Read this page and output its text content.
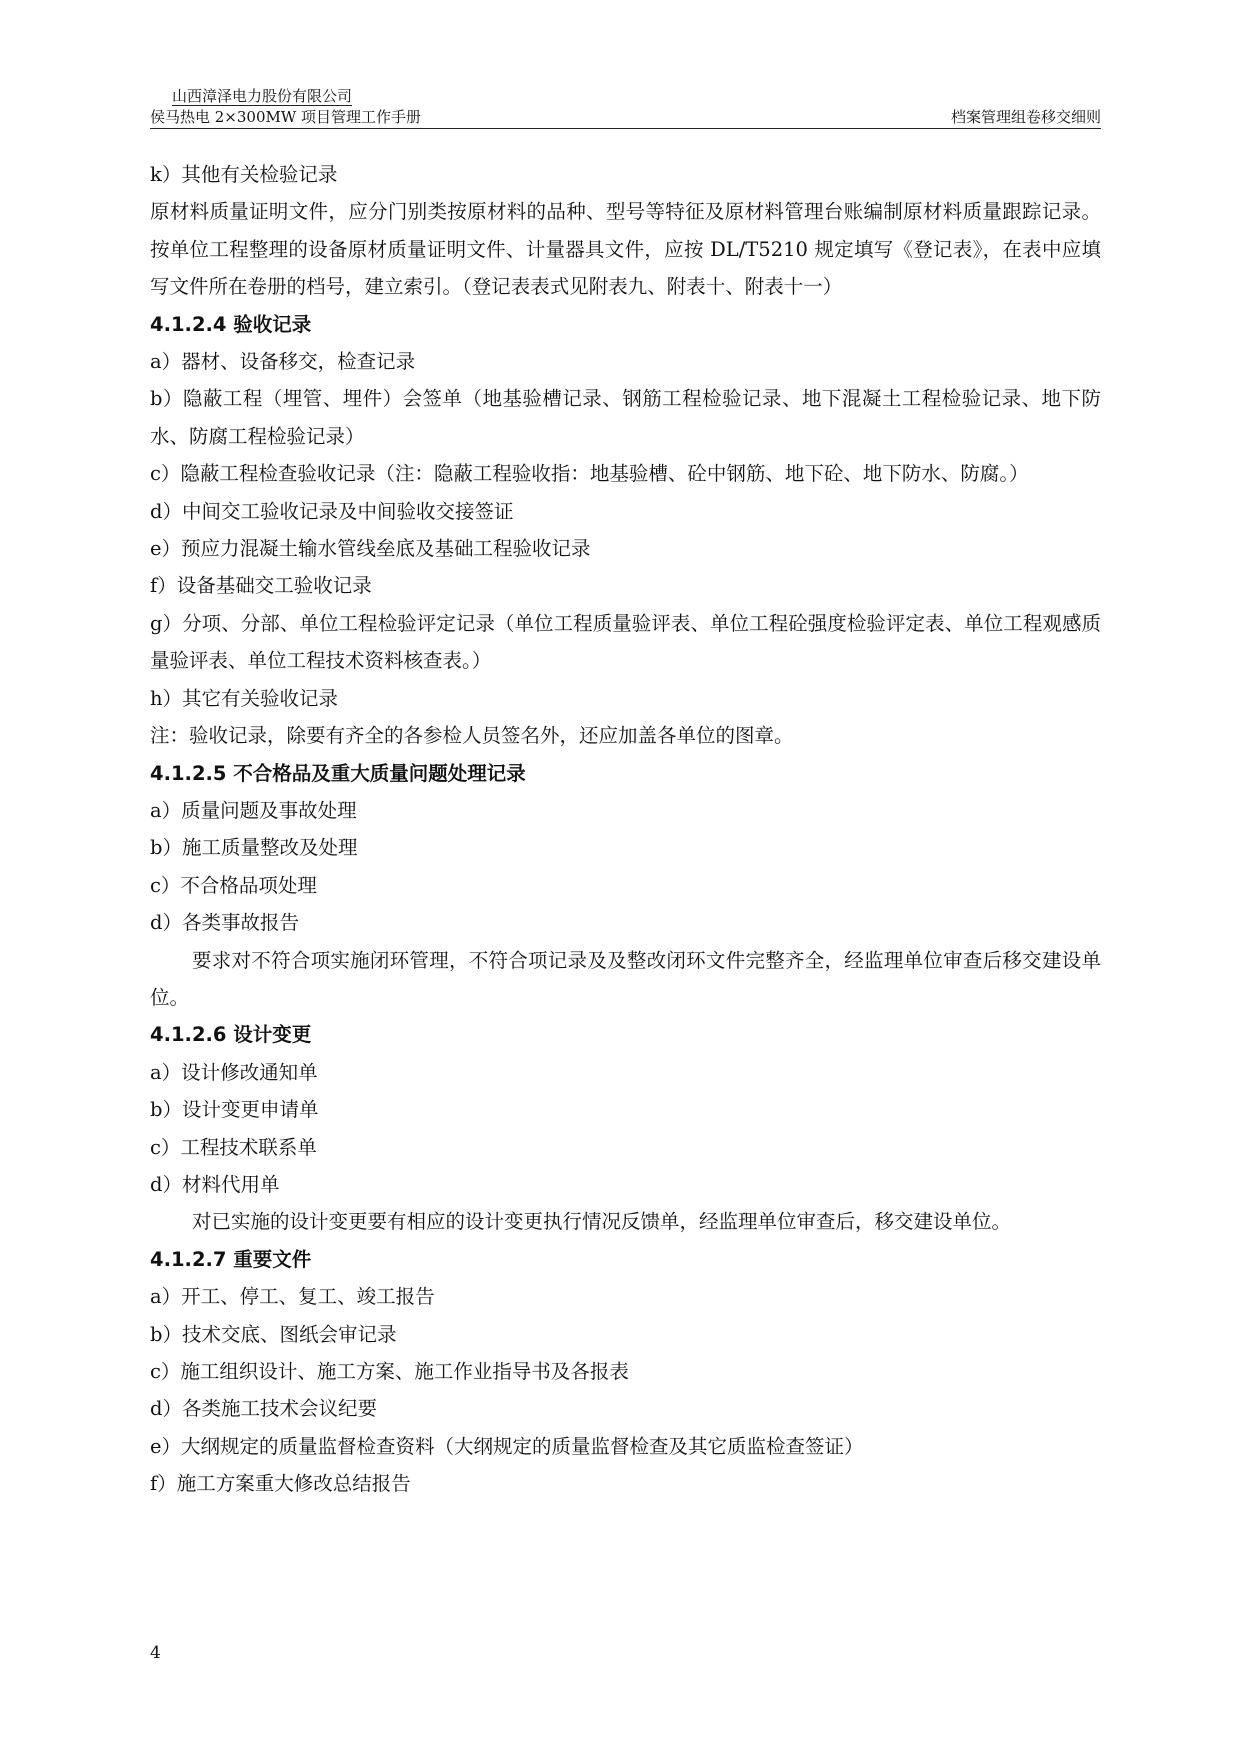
山西漳泽电力股份有限公司
侯马热电 2×300MW 项目管理工作手册	档案管理组卷移交细则
k）其他有关检验记录
原材料质量证明文件，应分门别类按原材料的品种、型号等特征及原材料管理台账编制原材料质量跟踪记录。按单位工程整理的设备原材质量证明文件、计量器具文件，应按 DL/T5210 规定填写《登记表》，在表中应填写文件所在卷册的档号，建立索引。（登记表表式见附表九、附表十、附表十一）
4.1.2.4 验收记录
a）器材、设备移交，检查记录
b）隐蔽工程（埋管、埋件）会签单（地基验槽记录、钢筋工程检验记录、地下混凝土工程检验记录、地下防水、防腐工程检验记录）
c）隐蔽工程检查验收记录（注：隐蔽工程验收指：地基验槽、砼中钢筋、地下砼、地下防水、防腐。）
d）中间交工验收记录及中间验收交接签证
e）预应力混凝土输水管线垒底及基础工程验收记录
f）设备基础交工验收记录
g）分项、分部、单位工程检验评定记录（单位工程质量验评表、单位工程砼强度检验评定表、单位工程观感质量验评表、单位工程技术资料核查表。）
h）其它有关验收记录
注：验收记录，除要有齐全的各参检人员签名外，还应加盖各单位的图章。
4.1.2.5 不合格品及重大质量问题处理记录
a）质量问题及事故处理
b）施工质量整改及处理
c）不合格品项处理
d）各类事故报告
要求对不符合项实施闭环管理，不符合项记录及及整改闭环文件完整齐全，经监理单位审查后移交建设单位。
4.1.2.6 设计变更
a）设计修改通知单
b）设计变更申请单
c）工程技术联系单
d）材料代用单
对已实施的设计变更要有相应的设计变更执行情况反馈单，经监理单位审查后，移交建设单位。
4.1.2.7 重要文件
a）开工、停工、复工、竣工报告
b）技术交底、图纸会审记录
c）施工组织设计、施工方案、施工作业指导书及各报表
d）各类施工技术会议纪要
e）大纲规定的质量监督检查资料（大纲规定的质量监督检查及其它质监检查签证）
f）施工方案重大修改总结报告
4
